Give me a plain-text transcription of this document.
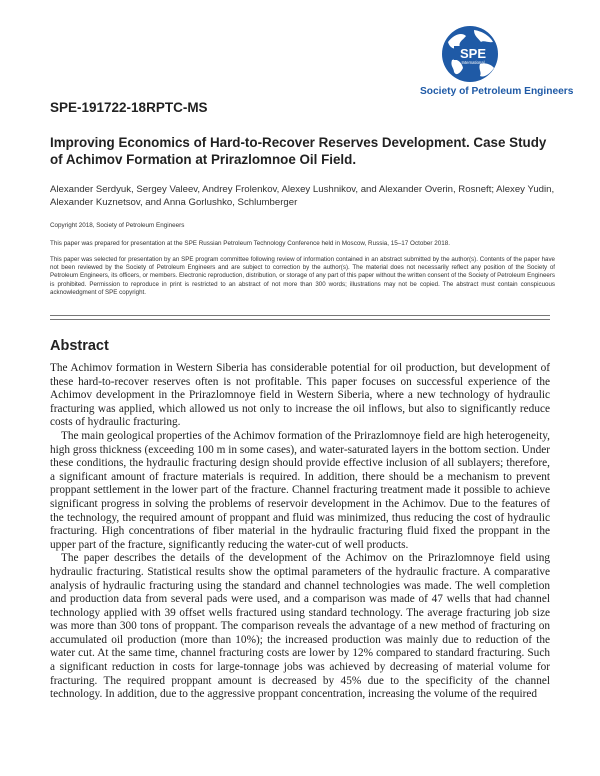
SPE
International
Society of Petroleum Engineers
SPE-191722-18RPTC-MS
Improving Economics of Hard-to-Recover Reserves Development. Case Study of Achimov Formation at Prirazlomnoe Oil Field.
Alexander Serdyuk, Sergey Valeev, Andrey Frolenkov, Alexey Lushnikov, and Alexander Overin, Rosneft; Alexey Yudin, Alexander Kuznetsov, and Anna Gorlushko, Schlumberger
Copyright 2018, Society of Petroleum Engineers
This paper was prepared for presentation at the SPE Russian Petroleum Technology Conference held in Moscow, Russia, 15–17 October 2018.
This paper was selected for presentation by an SPE program committee following review of information contained in an abstract submitted by the author(s). Contents of the paper have not been reviewed by the Society of Petroleum Engineers and are subject to correction by the author(s). The material does not necessarily reflect any position of the Society of Petroleum Engineers, its officers, or members. Electronic reproduction, distribution, or storage of any part of this paper without the written consent of the Society of Petroleum Engineers is prohibited. Permission to reproduce in print is restricted to an abstract of not more than 300 words; illustrations may not be copied. The abstract must contain conspicuous acknowledgment of SPE copyright.
Abstract

The Achimov formation in Western Siberia has considerable potential for oil production, but development of these hard-to-recover reserves often is not profitable. This paper focuses on successful experience of the Achimov development in the Prirazlomnoye field in Western Siberia, where a new technology of hydraulic fracturing was applied, which allowed us not only to increase the oil inflows, but also to significantly reduce costs of hydraulic fracturing.

The main geological properties of the Achimov formation of the Prirazlomnoye field are high heterogeneity, high gross thickness (exceeding 100 m in some cases), and water-saturated layers in the bottom section. Under these conditions, the hydraulic fracturing design should provide effective inclusion of all sublayers; therefore, a significant amount of fracture materials is required. In addition, there should be a mechanism to prevent proppant settlement in the lower part of the fracture. Channel fracturing treatment made it possible to achieve significant progress in solving the problems of reservoir development in the Achimov. Due to the features of the technology, the required amount of proppant and fluid was minimized, thus reducing the cost of hydraulic fracturing. High concentrations of fiber material in the hydraulic fracturing fluid fixed the proppant in the upper part of the fracture, significantly reducing the water-cut of well products.

The paper describes the details of the development of the Achimov on the Prirazlomnoye field using hydraulic fracturing. Statistical results show the optimal parameters of the hydraulic fracture. A comparative analysis of hydraulic fracturing using the standard and channel technologies was made. The well completion and production data from several pads were used, and a comparison was made of 47 wells that had channel technology applied with 39 offset wells fractured using standard technology. The average fracturing job size was more than 300 tons of proppant. The comparison reveals the advantage of a new method of fracturing on accumulated oil production (more than 10%); the increased production was mainly due to reduction of the water cut. At the same time, channel fracturing costs are lower by 12% compared to standard fracturing. Such a significant reduction in costs for large-tonnage jobs was achieved by decreasing of material volume for fracturing. The required proppant amount is decreased by 45% due to the specificity of the channel technology. In addition, due to the aggressive proppant concentration, increasing the volume of the required
